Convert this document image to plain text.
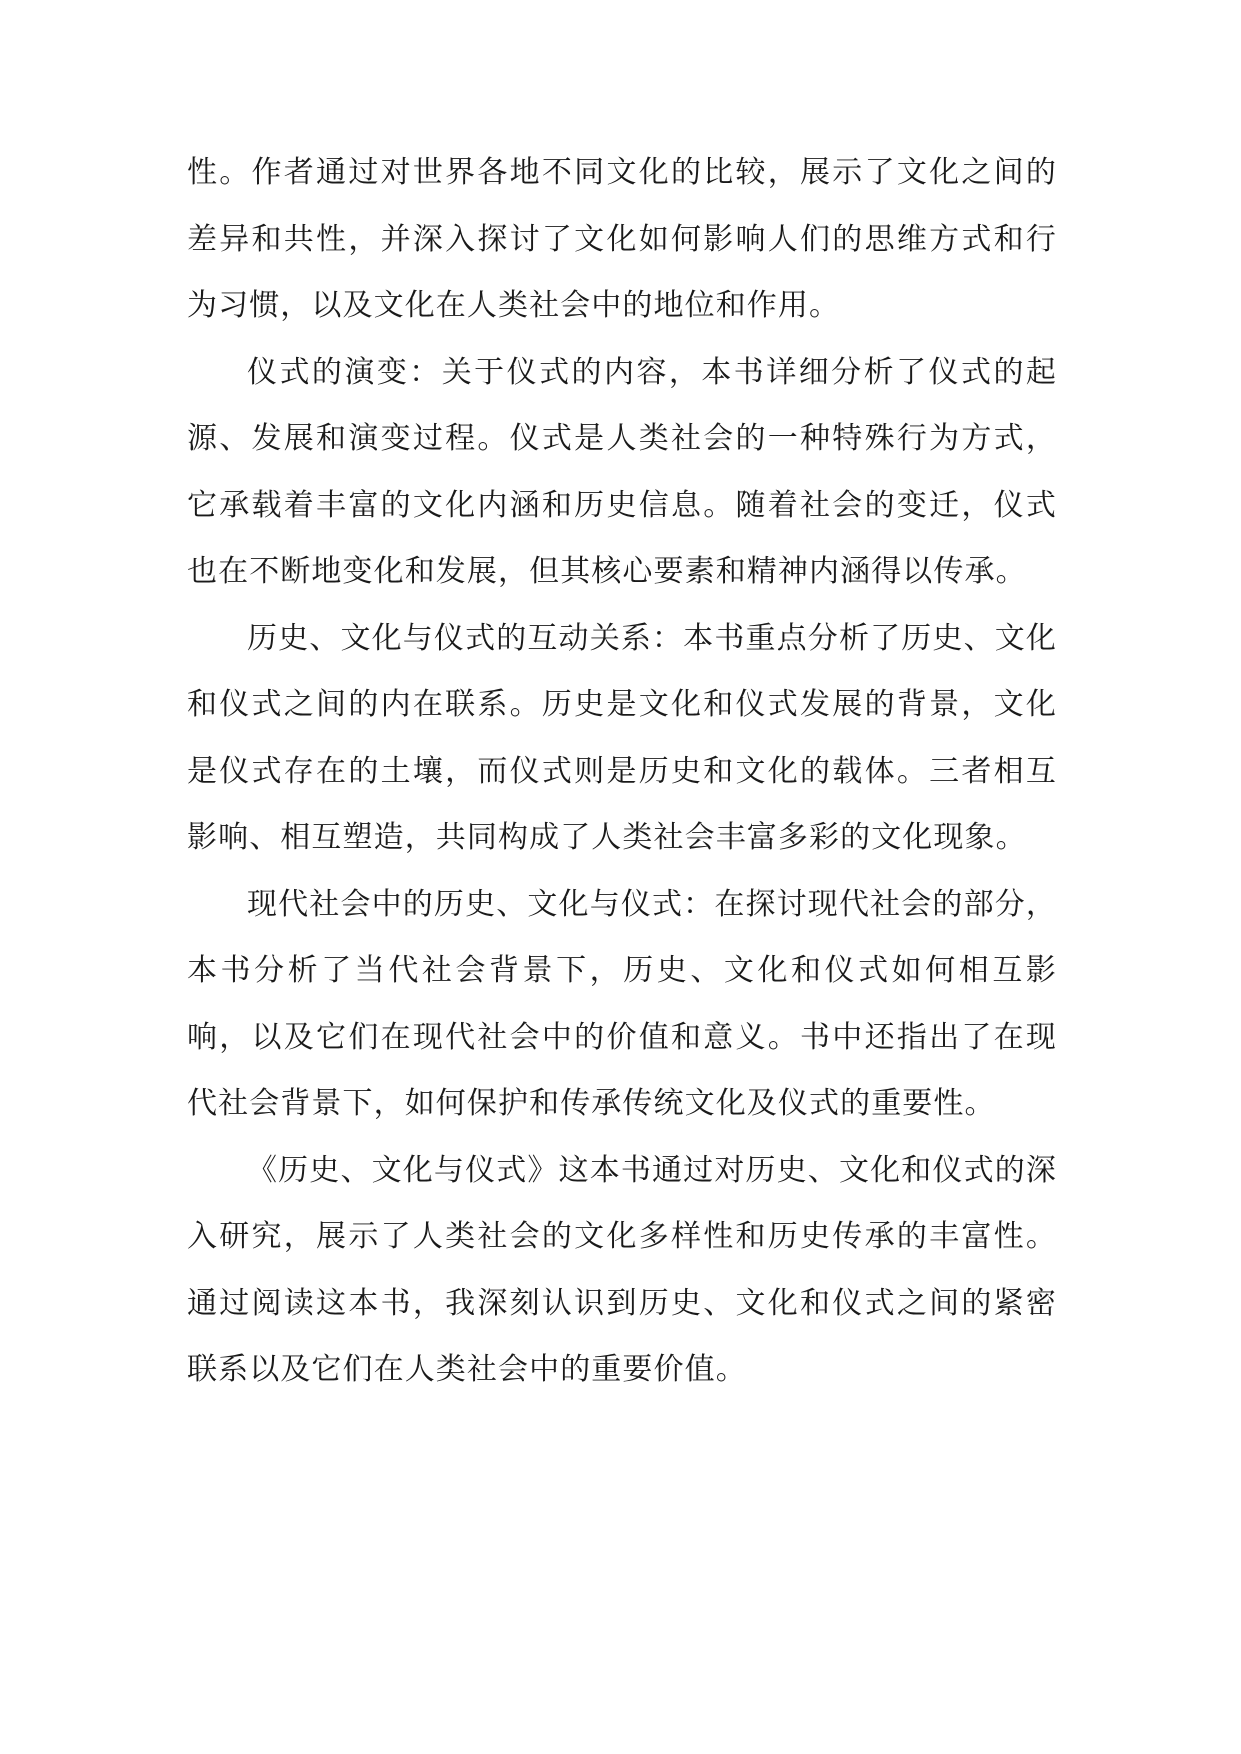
性。作者通过对世界各地不同文化的比较，展示了文化之间的差异和共性，并深入探讨了文化如何影响人们的思维方式和行为习惯，以及文化在人类社会中的地位和作用。

仪式的演变：关于仪式的内容，本书详细分析了仪式的起源、发展和演变过程。仪式是人类社会的一种特殊行为方式，它承载着丰富的文化内涵和历史信息。随着社会的变迁，仪式也在不断地变化和发展，但其核心要素和精神内涵得以传承。

历史、文化与仪式的互动关系：本书重点分析了历史、文化和仪式之间的内在联系。历史是文化和仪式发展的背景，文化是仪式存在的土壤，而仪式则是历史和文化的载体。三者相互影响、相互塑造，共同构成了人类社会丰富多彩的文化现象。

现代社会中的历史、文化与仪式：在探讨现代社会的部分，本书分析了当代社会背景下，历史、文化和仪式如何相互影响，以及它们在现代社会中的价值和意义。书中还指出了在现代社会背景下，如何保护和传承传统文化及仪式的重要性。

《历史、文化与仪式》这本书通过对历史、文化和仪式的深入研究，展示了人类社会的文化多样性和历史传承的丰富性。通过阅读这本书，我深刻认识到历史、文化和仪式之间的紧密联系以及它们在人类社会中的重要价值。
